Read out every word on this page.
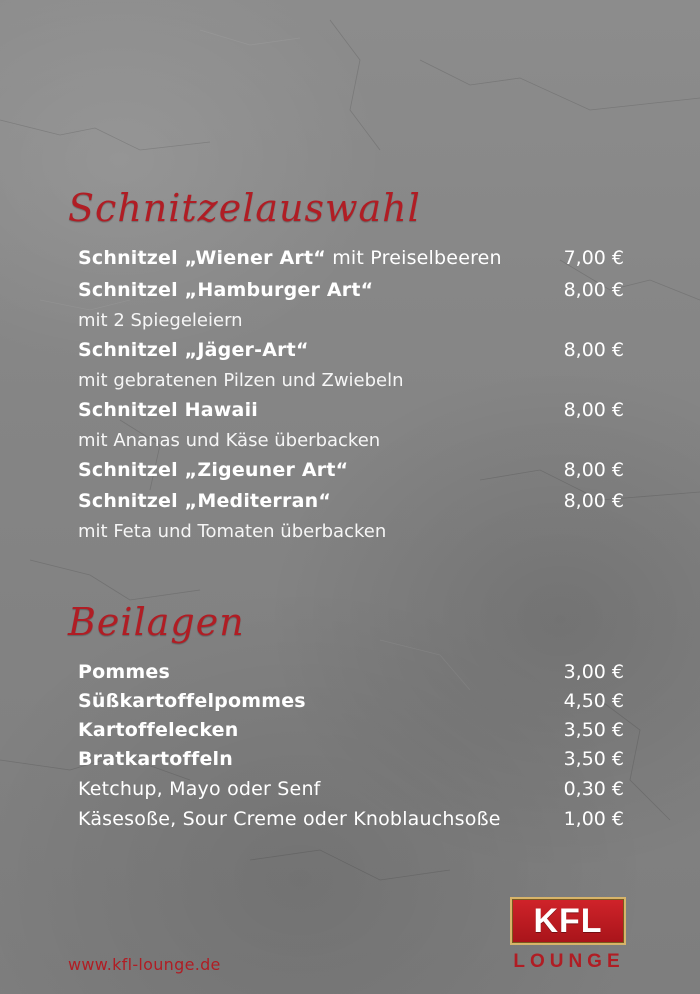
Schnitzelauswahl
Schnitzel „Wiener Art“ mit Preiselbeeren	7,00 €
Schnitzel „Hamburger Art“	8,00 €
mit 2 Spiegeleiern
Schnitzel „Jäger-Art“	8,00 €
mit gebratenen Pilzen und Zwiebeln
Schnitzel Hawaii	8,00 €
mit Ananas und Käse überbacken
Schnitzel „Zigeuner Art“	8,00 €
Schnitzel „Mediterran“	8,00 €
mit Feta und Tomaten überbacken
Beilagen
Pommes	3,00 €
Süßkartoffelpommes	4,50 €
Kartoffelecken	3,50 €
Bratkartoffeln	3,50 €
Ketchup, Mayo oder Senf	0,30 €
Käsesoße, Sour Creme oder Knoblauchsoße	1,00 €
www.kfl-lounge.de
KFL
LOUNGE
